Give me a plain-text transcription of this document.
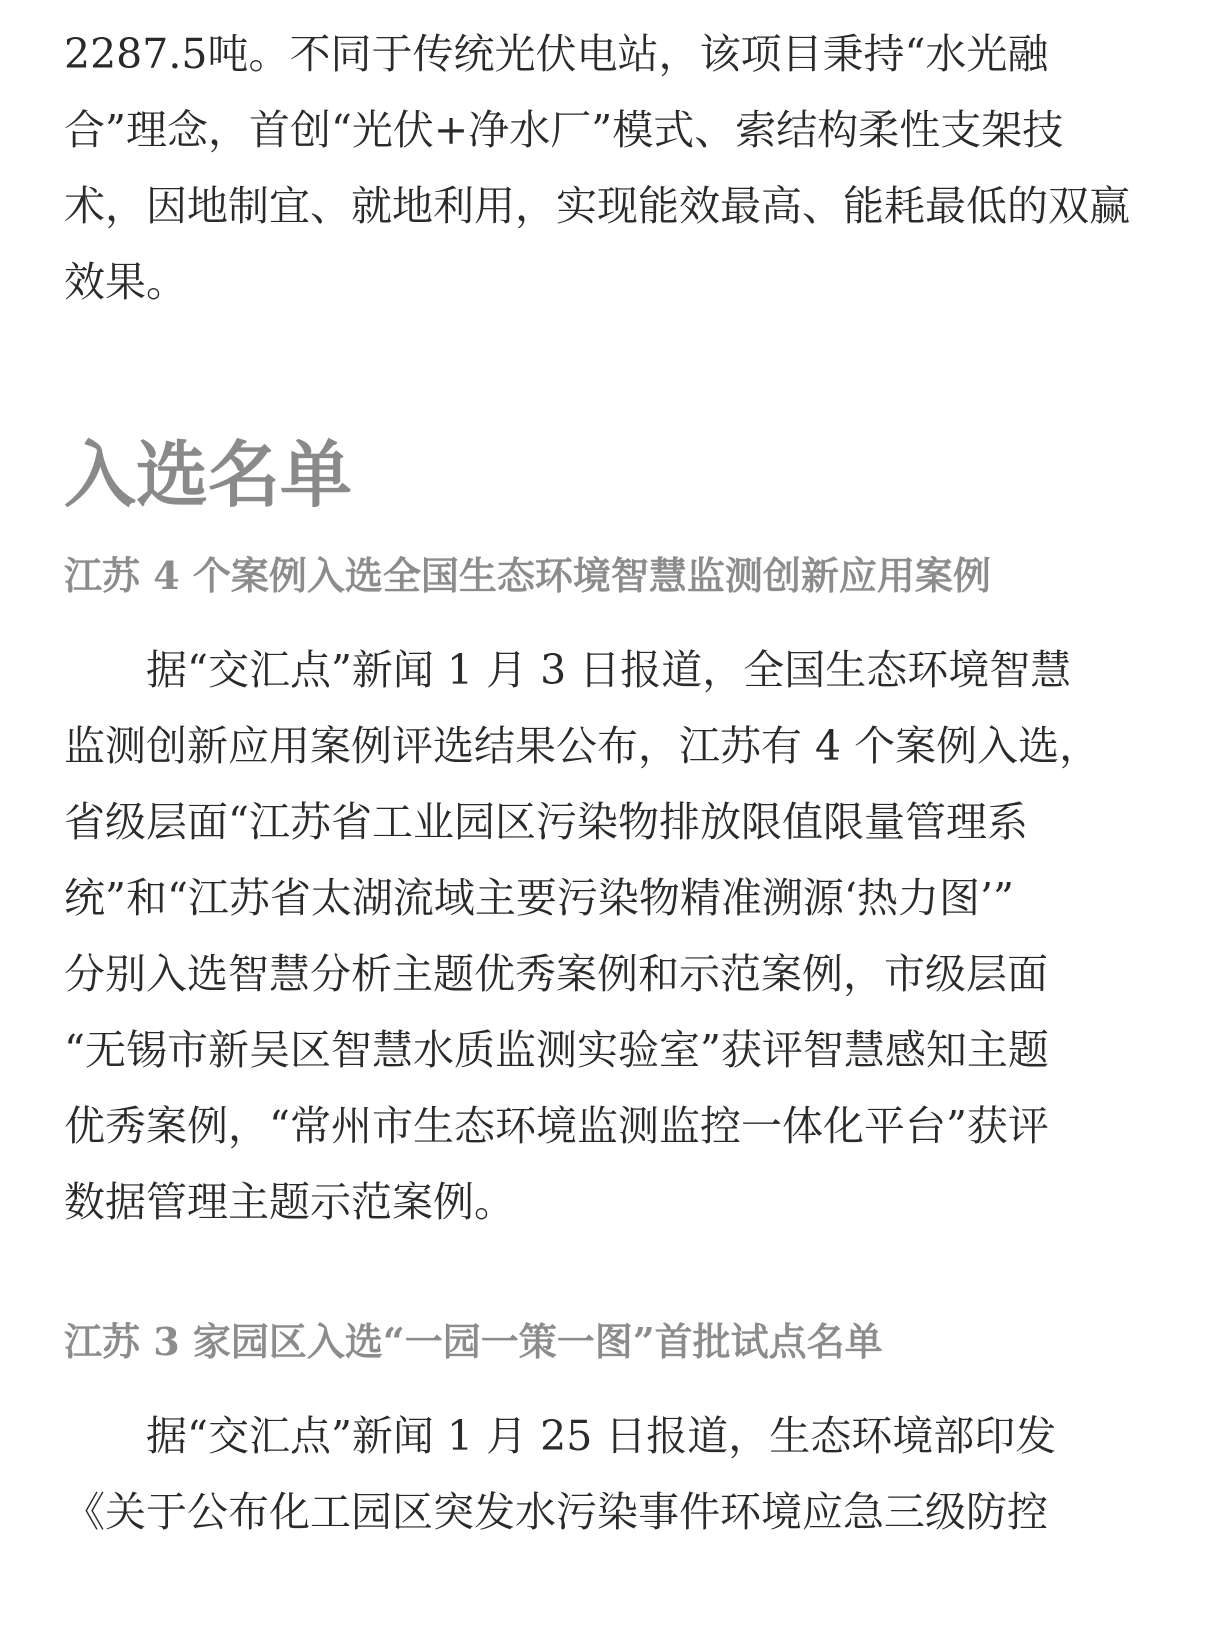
2287.5吨。不同于传统光伏电站，该项目秉持“水光融
合”理念，首创“光伏+净水厂”模式、索结构柔性支架技
术，因地制宜、就地利用，实现能效最高、能耗最低的双赢
效果。
入选名单
江苏 4 个案例入选全国生态环境智慧监测创新应用案例
　　据“交汇点”新闻 1 月 3 日报道，全国生态环境智慧
监测创新应用案例评选结果公布，江苏有 4 个案例入选，
省级层面“江苏省工业园区污染物排放限值限量管理系
统”和“江苏省太湖流域主要污染物精准溯源‘热力图’”
分别入选智慧分析主题优秀案例和示范案例，市级层面
“无锡市新吴区智慧水质监测实验室”获评智慧感知主题
优秀案例，“常州市生态环境监测监控一体化平台”获评
数据管理主题示范案例。
江苏 3 家园区入选“一园一策一图”首批试点名单
　　据“交汇点”新闻 1 月 25 日报道，生态环境部印发
《关于公布化工园区突发水污染事件环境应急三级防控
